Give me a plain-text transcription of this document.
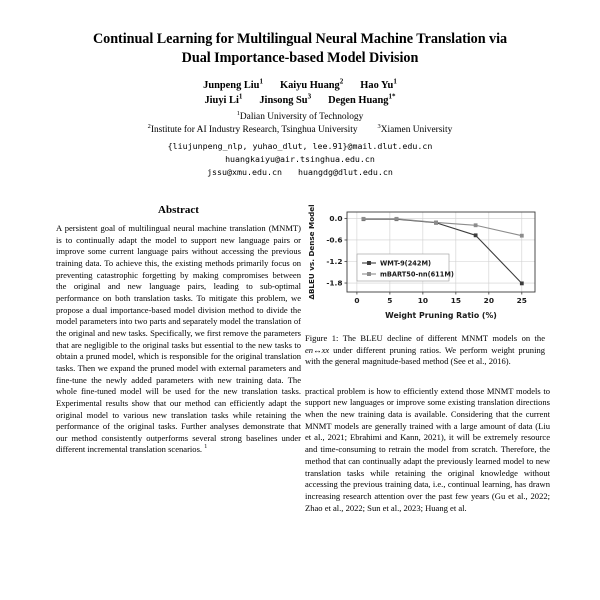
Continual Learning for Multilingual Neural Machine Translation via
Dual Importance-based Model Division
Junpeng Liu$^1$ Kaiyu Huang$^2$ Hao Yu$^1$
Jiuyi Li$^1$ Jinsong Su$^3$ Degen Huang$^{1*}$
$^1$Dalian University of Technology
$^2$Institute for AI Industry Research, Tsinghua University	$^3$Xiamen University
{liujunpeng_nlp, yuhao_dlut, lee.91}@mail.dlut.edu.cn
huangkaiyu@air.tsinghua.edu.cn
jssu@xmu.edu.cn huangdg@dlut.edu.cn
Abstract

A persistent goal of multilingual neural machine translation (MNMT) is to continually adapt the model to support new language pairs or improve some current language pairs without accessing the previous training data. To achieve this, the existing methods primarily focus on preventing catastrophic forgetting by making compromises between the original and new language pairs, leading to sub-optimal performance on both translation tasks. To mitigate this problem, we propose a dual importance-based model division method to divide the model parameters into two parts and separately model the translation of the original and new tasks. Specifically, we first remove the parameters that are negligible to the original tasks but essential to the new tasks to obtain a pruned model, which is responsible for the original translation tasks. Then we expand the pruned model with external parameters and fine-tune the newly added parameters with new training data. The whole fine-tuned model will be used for the new translation tasks. Experimental results show that our method can efficiently adapt the original model to various new translation tasks while retaining the performance of the original tasks. Further analyses demonstrate that our method consistently outperforms several strong baselines under different incremental translation scenarios. $^1$

0	5	10	15	20	25
0.0
-0.6
-1.2
-1.8
Weight Pruning Ratio (%)
ΔBLEU vs. Dense Model	WMT-9(242M)
mBART50-nn(611M)

Figure 1: The BLEU decline of different MNMT models on the en↔xx under different pruning ratios. We perform weight pruning with the general magnitude-based method (See et al., 2016).

practical problem is how to efficiently extend those MNMT models to support new languages or improve some existing translation directions when the new training data is available. Considering that the current MNMT models are generally trained with a large amount of data (Liu et al., 2021; Ebrahimi and Kann, 2021), it will be extremely resource and time-consuming to retrain the model from scratch. Therefore, the method that can continually adapt the previously learned model to new translation tasks while retaining the original knowledge without accessing the previous training data, i.e., continual learning, has drawn increasing research attention over the past few years (Gu et al., 2022; Zhao et al., 2022; Sun et al., 2023; Huang et al.
